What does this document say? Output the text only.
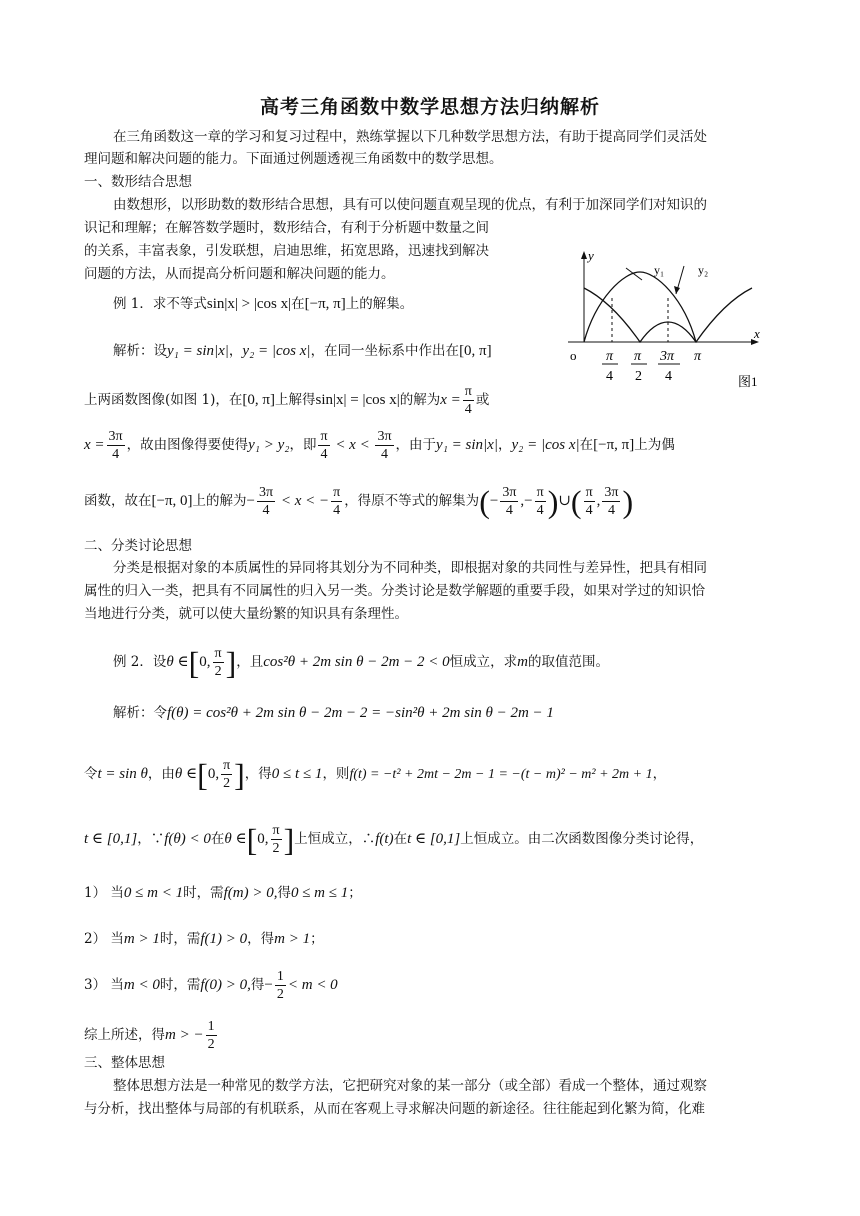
高考三角函数中数学思想方法归纳解析
在三角函数这一章的学习和复习过程中，熟练掌握以下几种数学思想方法，有助于提高同学们灵活处
理问题和解决问题的能力。下面通过例题透视三角函数中的数学思想。
一、数形结合思想
由数想形，以形助数的数形结合思想，具有可以使问题直观呈现的优点，有利于加深同学们对知识的
识记和理解；在解答数学题时，数形结合，有利于分析题中数量之间
的关系，丰富表象，引发联想，启迪思维，拓宽思路，迅速找到解决
问题的方法，从而提高分析问题和解决问题的能力。
例 1．求不等式sin|x| > |cos x|在[−π, π]上的解集。
解析：设y₁ = sin|x|，y₂ = |cos x|，在同一坐标系中作出在[0, π]
上两函数图像(如图 1)，在[0, π]上解得sin|x| = |cos x|的解为$x = \frac{\pi}{4}$ 或
$x = \frac{3\pi}{4}$ ，故由图像得要使得y₁ > y₂，即 $\frac{\pi}{4} < x < \frac{3\pi}{4}$ ，由于y₁ = sin|x|，y₂ = |cos x|在[−π, π]上为偶
函数，故在[−π, 0]上的解为− $\frac{3\pi}{4} < x$ < − $\frac{\pi}{4}$ ，得原不等式的解集为(− $\frac{3\pi}{4}$ ,− $\frac{\pi}{4}$ )∪( $\frac{\pi}{4}$ , $\frac{3\pi}{4}$ )
y
x
o
y₁	y₂
π
4
π
2
3π
4
π
图1
二、分类讨论思想
分类是根据对象的本质属性的异同将其划分为不同种类，即根据对象的共同性与差异性，把具有相同
属性的归入一类，把具有不同属性的归入另一类。分类讨论是数学解题的重要手段，如果对学过的知识恰
当地进行分类，就可以使大量纷繁的知识具有条理性。
例 2．设θ ∈[0, $\frac{\pi}{2}$ ]，且cos²θ + 2m sin θ − 2m − 2 < 0恒成立，求m的取值范围。
解析：令f(θ) = cos²θ + 2m sin θ − 2m − 2 = −sin²θ + 2m sin θ − 2m − 1
令t = sin θ，由θ ∈[0, $\frac{\pi}{2}$ ]，得0 ≤ t ≤ 1，则f(t) = −t² + 2mt − 2m − 1 = −(t − m)² − m² + 2m + 1，
t ∈ [0,1]，∵f(θ) < 0在θ ∈[0, $\frac{\pi}{2}$ ]上恒成立，∴f(t)在t ∈ [0,1]上恒成立。由二次函数图像分类讨论得，
1） 当0 ≤ m < 1时，需f(m) > 0,得0 ≤ m ≤ 1；
2） 当m > 1时，需f(1) > 0，得m > 1；
3） 当m < 0时，需f(0) > 0,得− $\frac{1}{2} < m < 0$
综上所述，得m > − $\frac{1}{2}$
三、整体思想
整体思想方法是一种常见的数学方法，它把研究对象的某一部分（或全部）看成一个整体，通过观察
与分析，找出整体与局部的有机联系，从而在客观上寻求解决问题的新途径。往往能起到化繁为简，化难
